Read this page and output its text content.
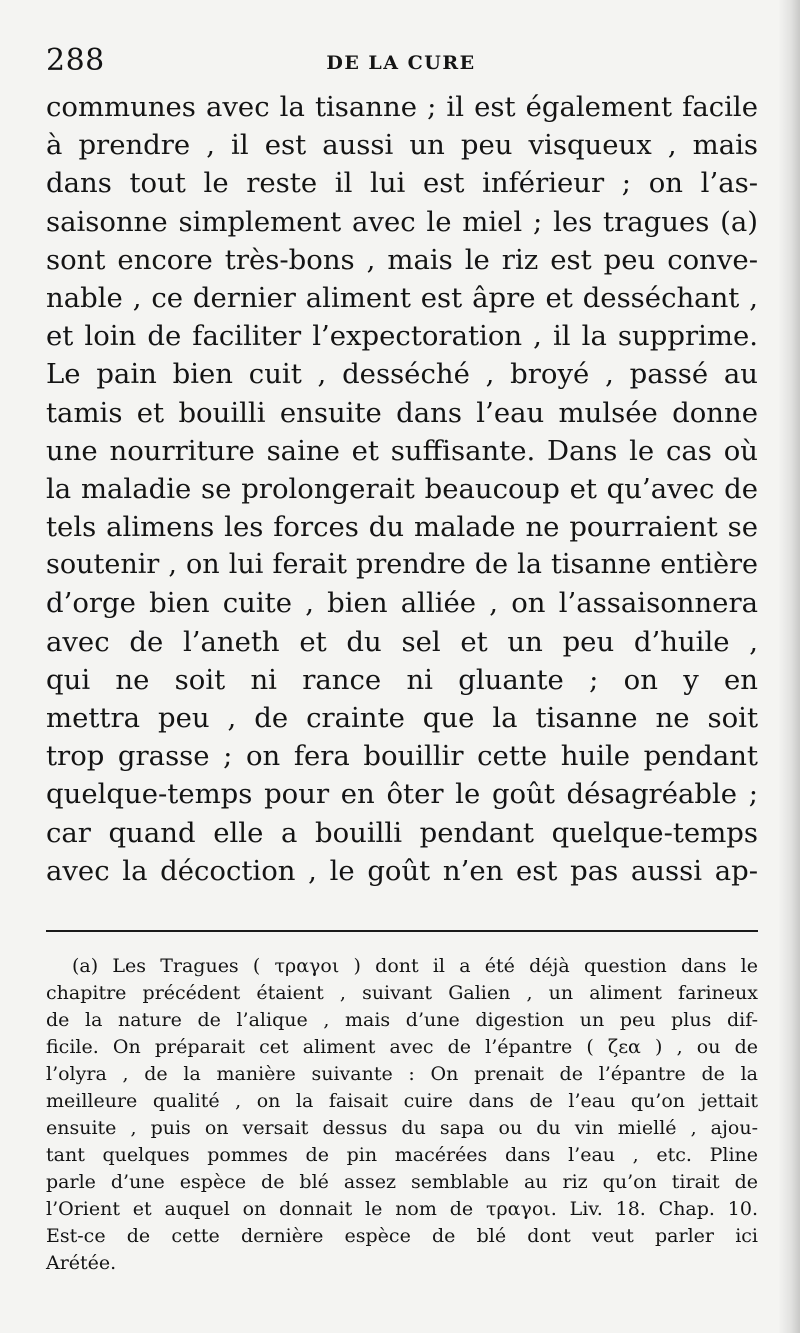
288	DE LA CURE
communes avec la tisanne ; il est également facile
à prendre , il est aussi un peu visqueux , mais
dans tout le reste il lui est inférieur ; on l’as-
saisonne simplement avec le miel ; les tragues (a)
sont encore très-bons , mais le riz est peu conve-
nable , ce dernier aliment est âpre et desséchant ,
et loin de faciliter l’expectoration , il la supprime.
Le pain bien cuit , desséché , broyé , passé au
tamis et bouilli ensuite dans l’eau mulsée donne
une nourriture saine et suffisante. Dans le cas où
la maladie se prolongerait beaucoup et qu’avec de
tels alimens les forces du malade ne pourraient se
soutenir , on lui ferait prendre de la tisanne entière
d’orge bien cuite , bien alliée , on l’assaisonnera
avec de l’aneth et du sel et un peu d’huile ,
qui ne soit ni rance ni gluante ; on y en
mettra peu , de crainte que la tisanne ne soit
trop grasse ; on fera bouillir cette huile pendant
quelque-temps pour en ôter le goût désagréable ;
car quand elle a bouilli pendant quelque-temps
avec la décoction , le goût n’en est pas aussi ap-
(a) Les Tragues ( τραγοι ) dont il a été déjà question dans le
chapitre précédent étaient , suivant Galien , un aliment farineux
de la nature de l’alique , mais d’une digestion un peu plus dif-
ficile. On préparait cet aliment avec de l’épantre ( ζεα ) , ou de
l’olyra , de la manière suivante : On prenait de l’épantre de la
meilleure qualité , on la faisait cuire dans de l’eau qu’on jettait
ensuite , puis on versait dessus du sapa ou du vin miellé , ajou-
tant quelques pommes de pin macérées dans l’eau , etc. Pline
parle d’une espèce de blé assez semblable au riz qu’on tirait de
l’Orient et auquel on donnait le nom de τραγοι. Liv. 18. Chap. 10.
Est-ce de cette dernière espèce de blé dont veut parler ici
Arétée.
